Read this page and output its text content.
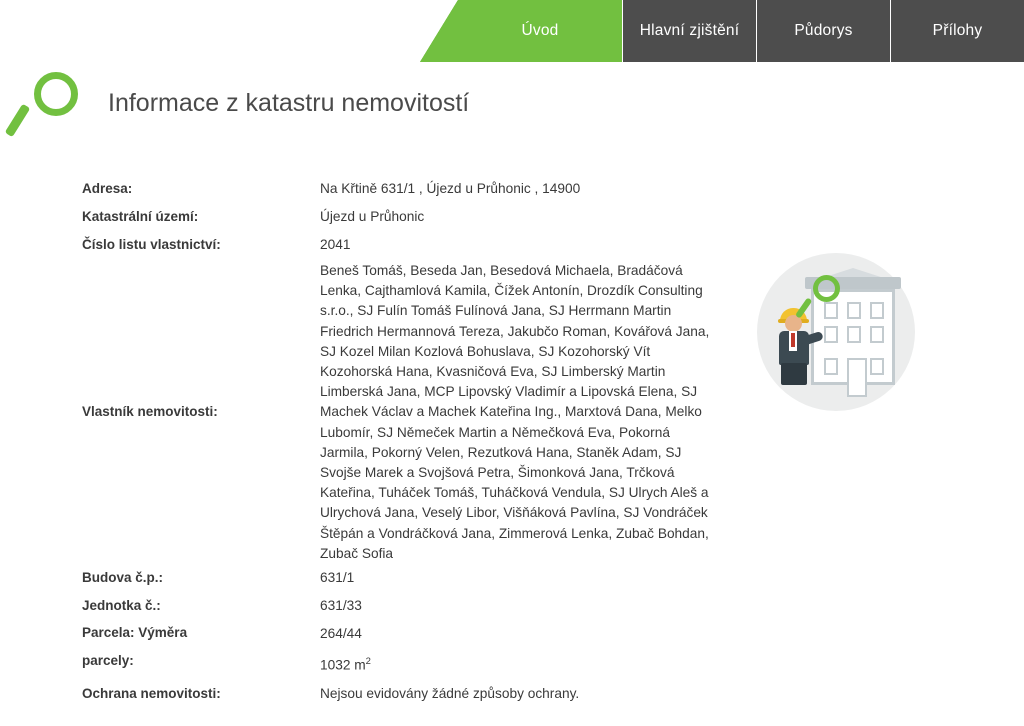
Úvod	Hlavní zjištění	Půdorys	Přílohy
Informace z katastru nemovitostí
Adresa:	Na Křtině 631/1 , Újezd u Průhonic , 14900
Katastrální území:	Újezd u Průhonic
Číslo listu vlastnictví:	2041
Vlastník nemovitosti:
Beneš Tomáš, Beseda Jan, Besedová Michaela, Bradáčová Lenka, Cajthamlová Kamila, Čížek Antonín, Drozdík Consulting s.r.o., SJ Fulín Tomáš Fulínová Jana, SJ Herrmann Martin Friedrich Hermannová Tereza, Jakubčo Roman, Kovářová Jana, SJ Kozel Milan Kozlová Bohuslava, SJ Kozohorský Vít Kozohorská Hana, Kvasničová Eva, SJ Limberský Martin Limberská Jana, MCP Lipovský Vladimír a Lipovská Elena, SJ Machek Václav a Machek Kateřina Ing., Marxtová Dana, Melko Lubomír, SJ Němeček Martin a Němečková Eva, Pokorná Jarmila, Pokorný Velen, Rezutková Hana, Staněk Adam, SJ Svojše Marek a Svojšová Petra, Šimonková Jana, Trčková Kateřina, Tuháček Tomáš, Tuháčková Vendula, SJ Ulrych Aleš a Ulrychová Jana, Veselý Libor, Višňáková Pavlína, SJ Vondráček Štěpán a Vondráčková Jana, Zimmerová Lenka, Zubač Bohdan, Zubač Sofia
Budova č.p.:	631/1
Jednotka č.:	631/33
Parcela: Výměra	264/44
parcely:	1032 $m^2$
Ochrana nemovitosti:	Nejsou evidovány žádné způsoby ochrany.
